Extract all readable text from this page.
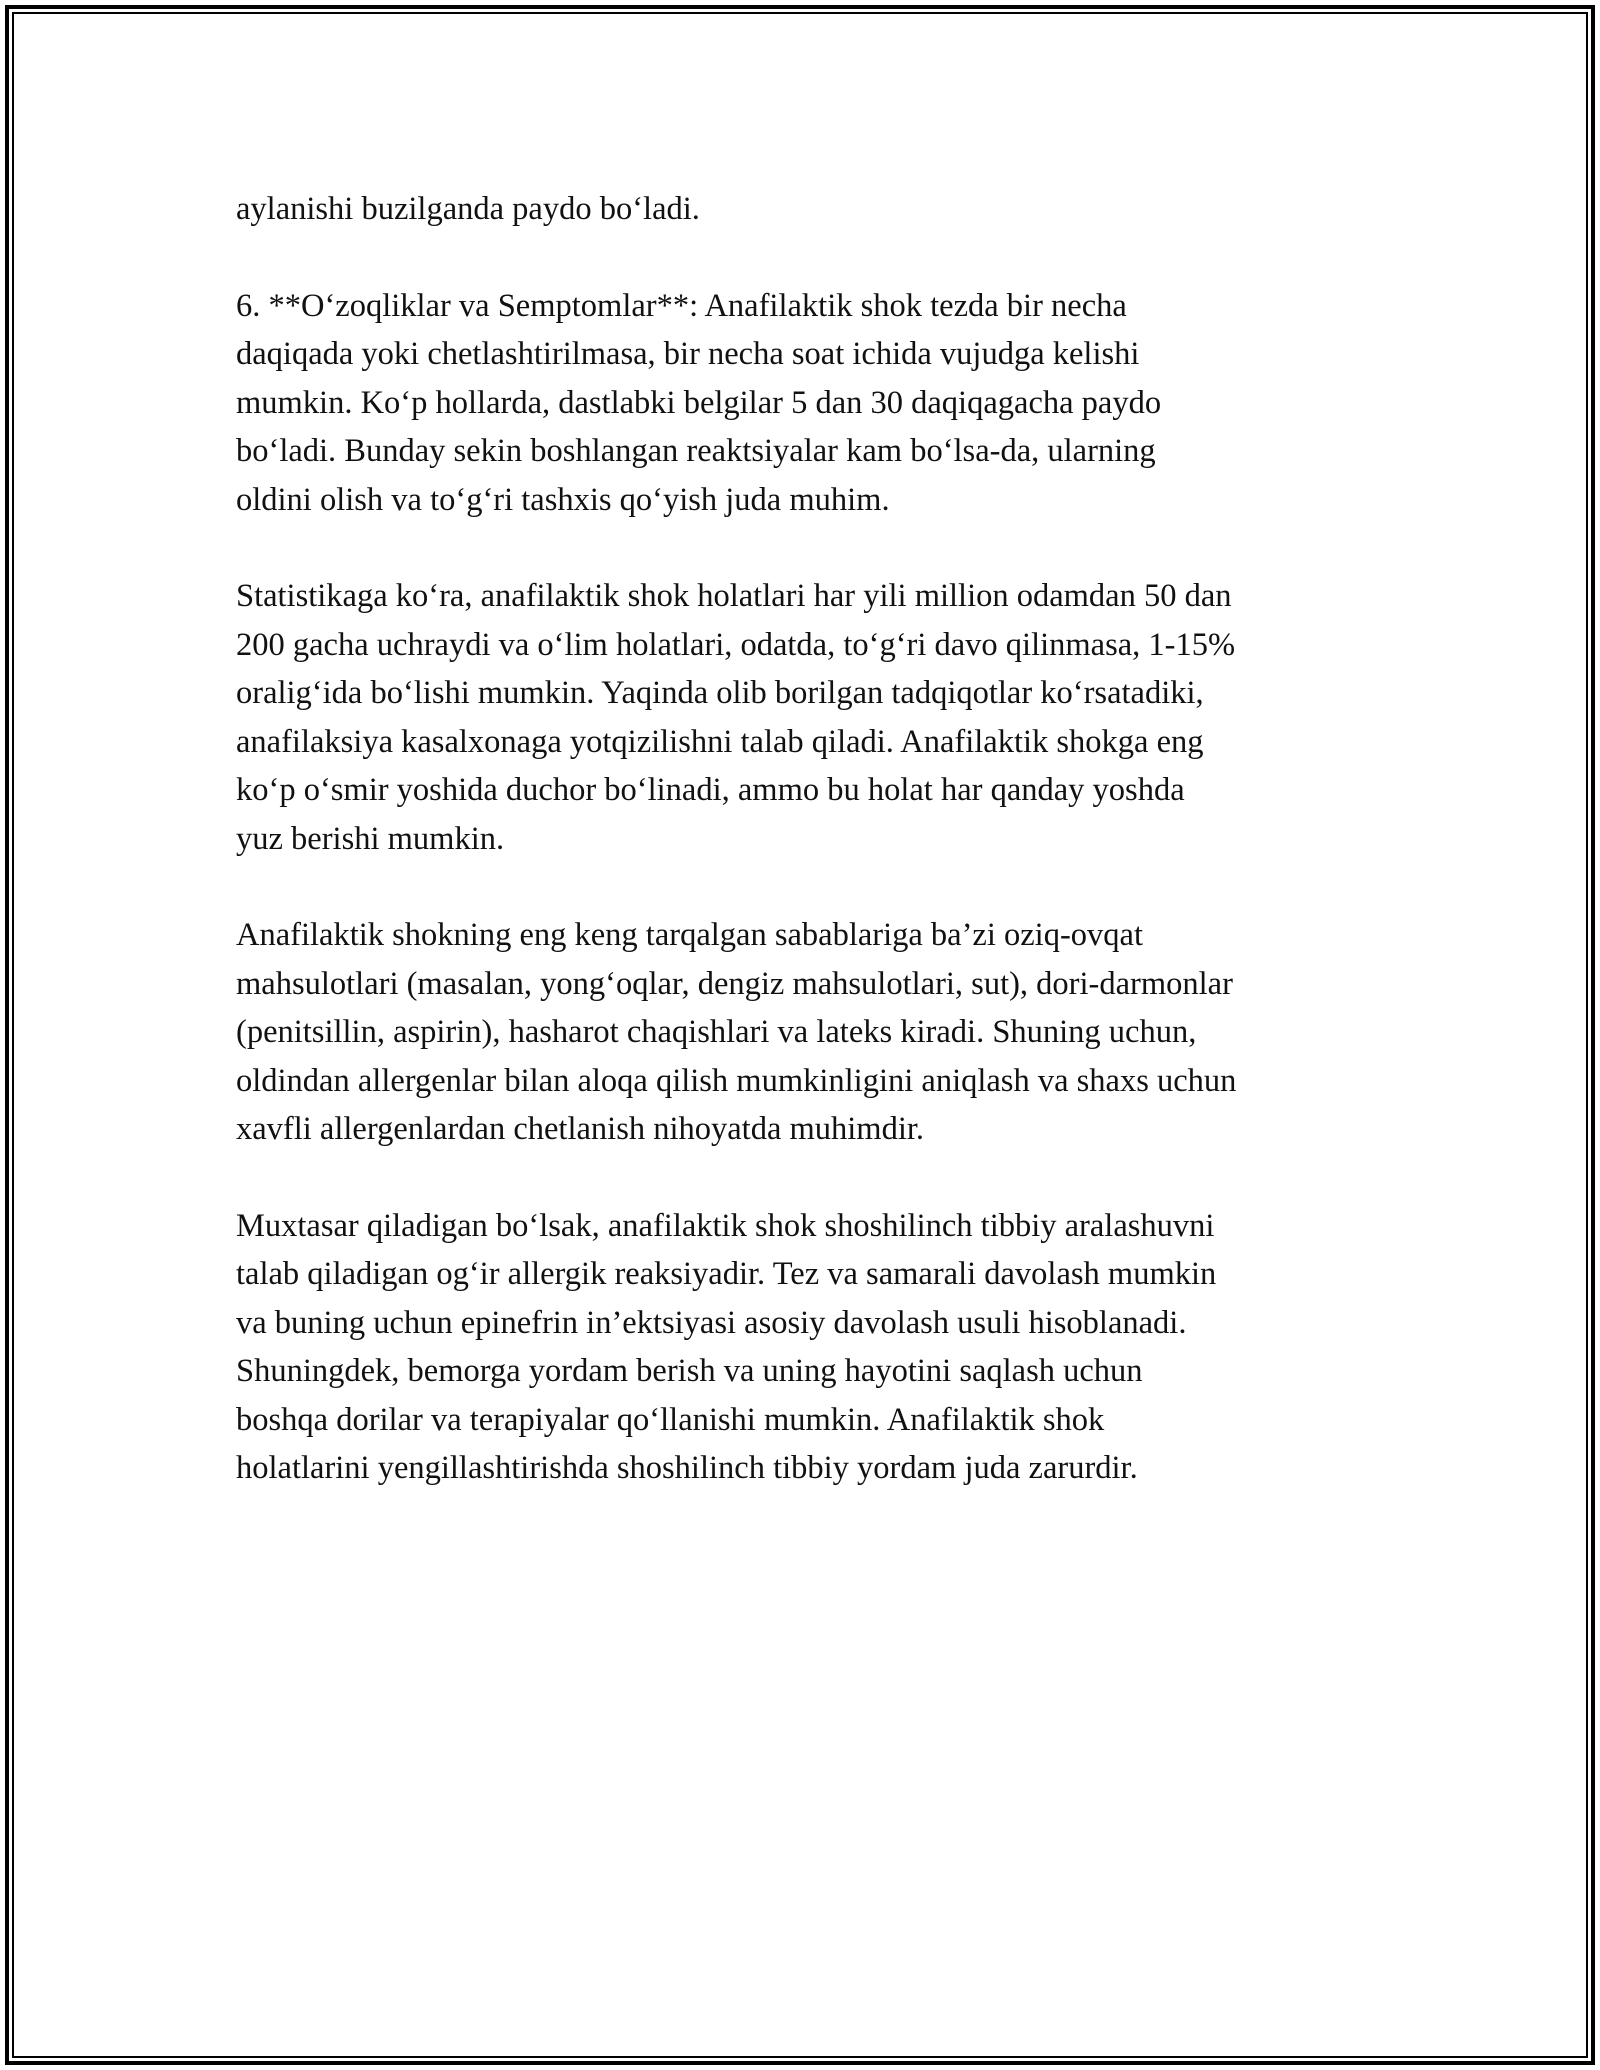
aylanishi buzilganda paydo bo‘ladi.

6. **O‘zoqliklar va Semptomlar**: Anafilaktik shok tezda bir necha
daqiqada yoki chetlashtirilmasa, bir necha soat ichida vujudga kelishi
mumkin. Ko‘p hollarda, dastlabki belgilar 5 dan 30 daqiqagacha paydo
bo‘ladi. Bunday sekin boshlangan reaktsiyalar kam bo‘lsa-da, ularning
oldini olish va to‘g‘ri tashxis qo‘yish juda muhim.

Statistikaga ko‘ra, anafilaktik shok holatlari har yili million odamdan 50 dan
200 gacha uchraydi va o‘lim holatlari, odatda, to‘g‘ri davo qilinmasa, 1-15%
oralig‘ida bo‘lishi mumkin. Yaqinda olib borilgan tadqiqotlar ko‘rsatadiki,
anafilaksiya kasalxonaga yotqizilishni talab qiladi. Anafilaktik shokga eng
ko‘p o‘smir yoshida duchor bo‘linadi, ammo bu holat har qanday yoshda
yuz berishi mumkin.

Anafilaktik shokning eng keng tarqalgan sabablariga ba’zi oziq-ovqat
mahsulotlari (masalan, yong‘oqlar, dengiz mahsulotlari, sut), dori-darmonlar
(penitsillin, aspirin), hasharot chaqishlari va lateks kiradi. Shuning uchun,
oldindan allergenlar bilan aloqa qilish mumkinligini aniqlash va shaxs uchun
xavfli allergenlardan chetlanish nihoyatda muhimdir.

Muxtasar qiladigan bo‘lsak, anafilaktik shok shoshilinch tibbiy aralashuvni
talab qiladigan og‘ir allergik reaksiyadir. Tez va samarali davolash mumkin
va buning uchun epinefrin in’ektsiyasi asosiy davolash usuli hisoblanadi.
Shuningdek, bemorga yordam berish va uning hayotini saqlash uchun
boshqa dorilar va terapiyalar qo‘llanishi mumkin. Anafilaktik shok
holatlarini yengillashtirishda shoshilinch tibbiy yordam juda zarurdir.
